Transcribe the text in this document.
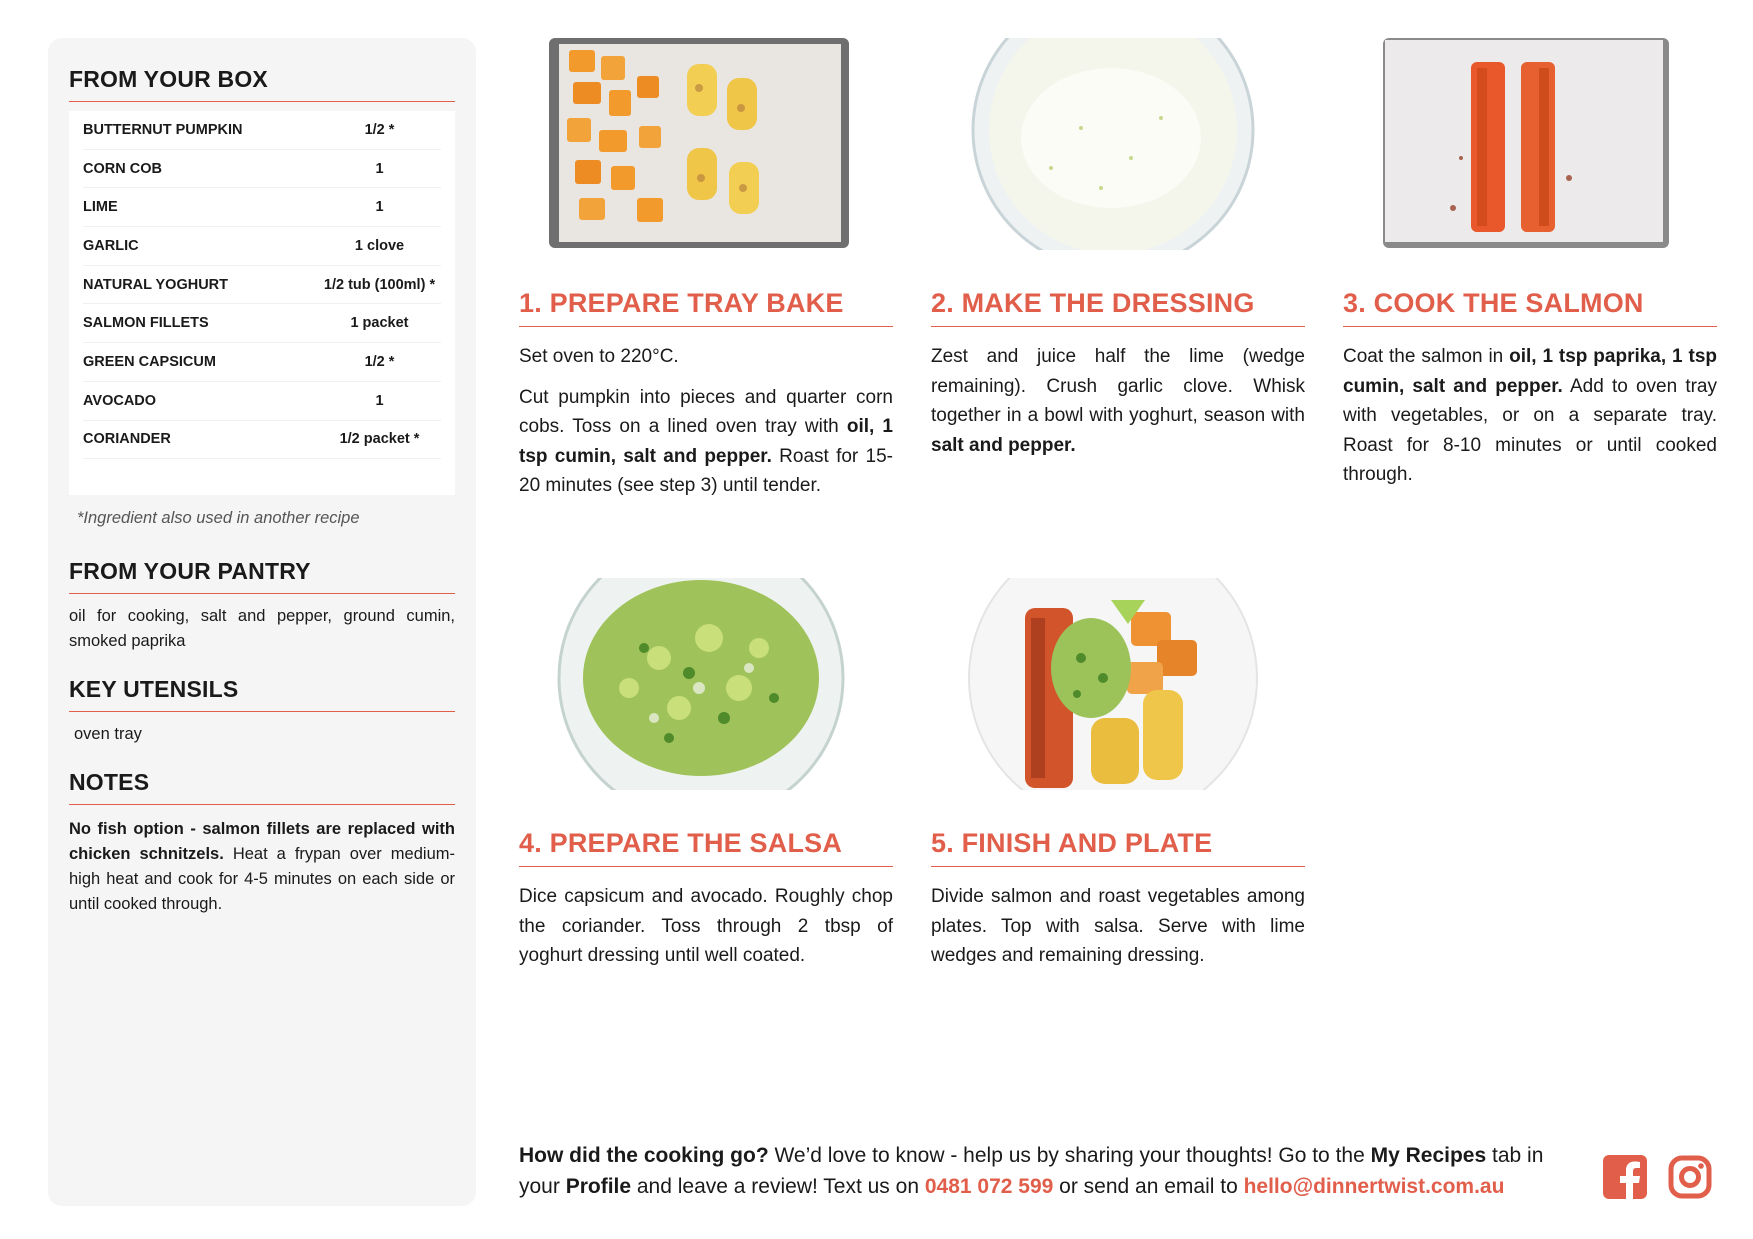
FROM YOUR BOX
BUTTERNUT PUMPKIN	1/2 *
CORN COB	1
LIME	1
GARLIC	1 clove
NATURAL YOGHURT	1/2 tub (100ml) *
SALMON FILLETS	1 packet
GREEN CAPSICUM	1/2 *
AVOCADO	1
CORIANDER	1/2 packet *
*Ingredient also used in another recipe
FROM YOUR PANTRY
oil for cooking, salt and pepper, ground cumin, smoked paprika
KEY UTENSILS
oven tray
NOTES
No fish option - salmon fillets are replaced with chicken schnitzels. Heat a frypan over medium-high heat and cook for 4-5 minutes on each side or until cooked through.
1. PREPARE TRAY BAKE
Set oven to 220°C.
Cut pumpkin into pieces and quarter corn cobs. Toss on a lined oven tray with oil, 1 tsp cumin, salt and pepper. Roast for 15-20 minutes (see step 3) until tender.
2. MAKE THE DRESSING
Zest and juice half the lime (wedge remaining). Crush garlic clove. Whisk together in a bowl with yoghurt, season with salt and pepper.
3. COOK THE SALMON
Coat the salmon in oil, 1 tsp paprika, 1 tsp cumin, salt and pepper. Add to oven tray with vegetables, or on a separate tray. Roast for 8-10 minutes or until cooked through.
4. PREPARE THE SALSA
Dice capsicum and avocado. Roughly chop the coriander. Toss through 2 tbsp of yoghurt dressing until well coated.
5. FINISH AND PLATE
Divide salmon and roast vegetables among plates. Top with salsa. Serve with lime wedges and remaining dressing.
How did the cooking go? We’d love to know - help us by sharing your thoughts! Go to the My Recipes tab in your Profile and leave a review! Text us on 0481 072 599 or send an email to hello@dinnertwist.com.au
